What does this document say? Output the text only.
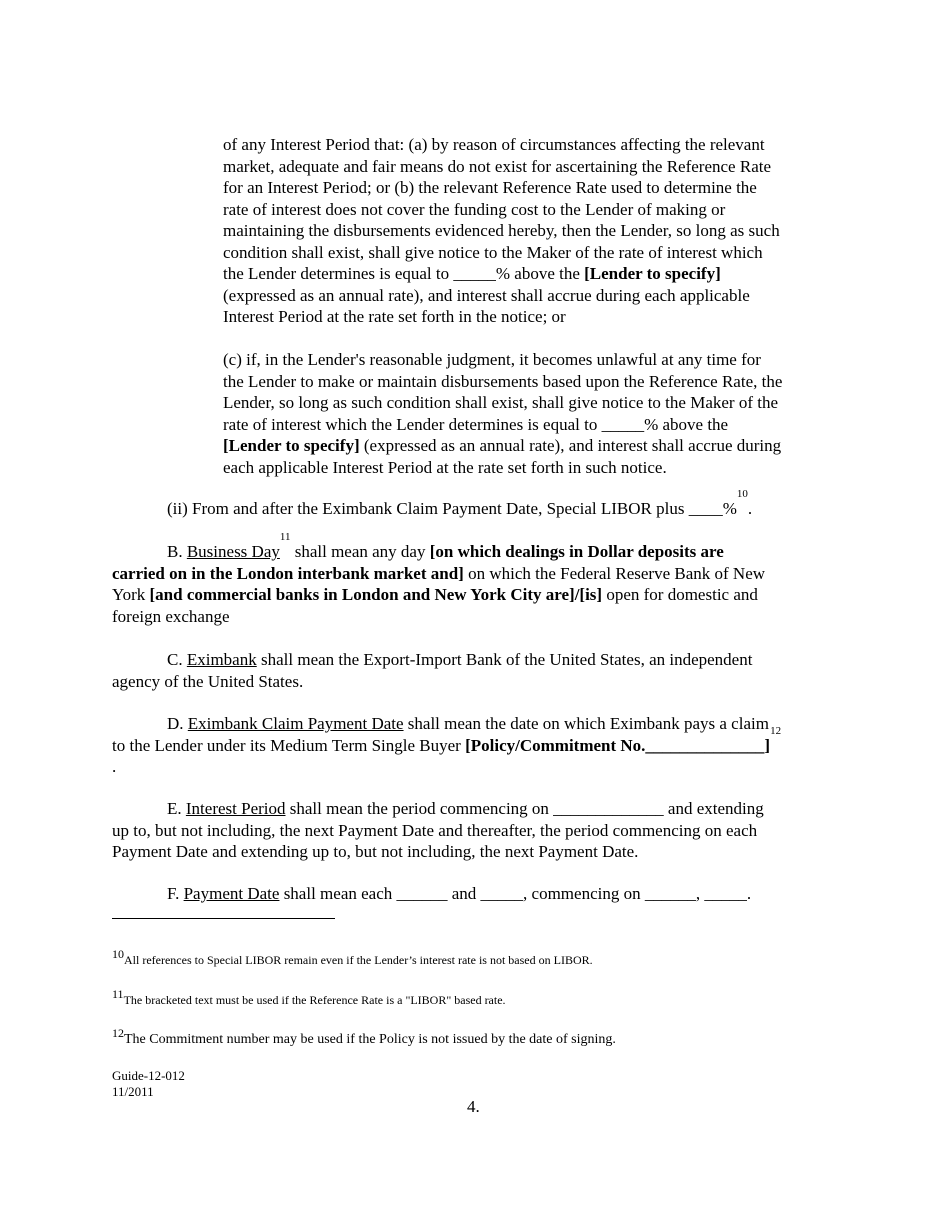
of any Interest Period that: (a) by reason of circumstances affecting the relevant
market, adequate and fair means do not exist for ascertaining the Reference Rate
for an Interest Period; or (b) the relevant Reference Rate used to determine the
rate of interest does not cover the funding cost to the Lender of making or
maintaining the disbursements evidenced hereby, then the Lender, so long as such
condition shall exist, shall give notice to the Maker of the rate of interest which
the Lender determines is equal to _____% above the [Lender to specify]
(expressed as an annual rate), and interest shall accrue during each applicable
Interest Period at the rate set forth in the notice; or
(c) if, in the Lender's reasonable judgment, it becomes unlawful at any time for
the Lender to make or maintain disbursements based upon the Reference Rate, the
Lender, so long as such condition shall exist, shall give notice to the Maker of the
rate of interest which the Lender determines is equal to _____% above the
[Lender to specify] (expressed as an annual rate), and interest shall accrue during
each applicable Interest Period at the rate set forth in such notice.
(ii) From and after the Eximbank Claim Payment Date, Special LIBOR plus ____%$^{10}$.
B. Business Day$^{11}$ shall mean any day [on which dealings in Dollar deposits are
carried on in the London interbank market and] on which the Federal Reserve Bank of New
York [and commercial banks in London and New York City are]/[is] open for domestic and
foreign exchange
C. Eximbank shall mean the Export-Import Bank of the United States, an independent
agency of the United States.
D. Eximbank Claim Payment Date shall mean the date on which Eximbank pays a claim
to the Lender under its Medium Term Single Buyer [Policy/Commitment No.______________]$^{12}$
.
E. Interest Period shall mean the period commencing on _____________ and extending
up to, but not including, the next Payment Date and thereafter, the period commencing on each
Payment Date and extending up to, but not including, the next Payment Date.
F. Payment Date shall mean each ______ and _____, commencing on ______, _____.
10All references to Special LIBOR remain even if the Lender’s interest rate is not based on LIBOR.
11The bracketed text must be used if the Reference Rate is a "LIBOR" based rate.
12The Commitment number may be used if the Policy is not issued by the date of signing.
Guide-12-012
11/2011
4.
